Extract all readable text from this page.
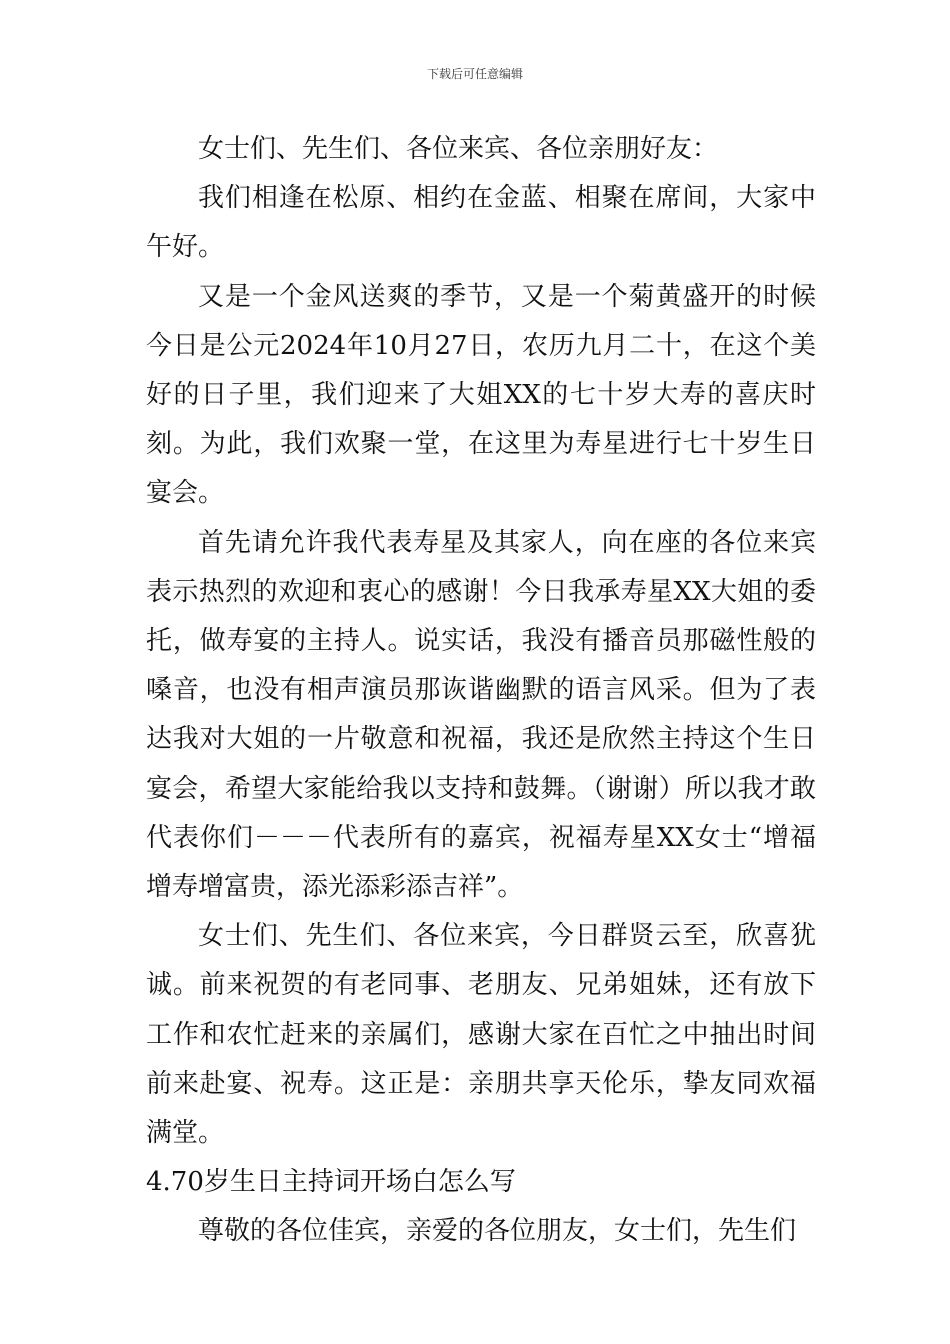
下载后可任意编辑

女士们、先生们、各位来宾、各位亲朋好友：

我们相逢在松原、相约在金蓝、相聚在席间，大家中午好。

又是一个金风送爽的季节，又是一个菊黄盛开的时候今日是公元2024年10月27日，农历九月二十，在这个美好的日子里，我们迎来了大姐XX的七十岁大寿的喜庆时刻。为此，我们欢聚一堂，在这里为寿星进行七十岁生日宴会。

首先请允许我代表寿星及其家人，向在座的各位来宾表示热烈的欢迎和衷心的感谢！今日我承寿星XX大姐的委托，做寿宴的主持人。说实话，我没有播音员那磁性般的嗓音，也没有相声演员那诙谐幽默的语言风采。但为了表达我对大姐的一片敬意和祝福，我还是欣然主持这个生日宴会，希望大家能给我以支持和鼓舞。（谢谢）所以我才敢代表你们－－－代表所有的嘉宾，祝福寿星XX女士“增福增寿增富贵，添光添彩添吉祥”。

女士们、先生们、各位来宾，今日群贤云至，欣喜犹诚。前来祝贺的有老同事、老朋友、兄弟姐妹，还有放下工作和农忙赶来的亲属们，感谢大家在百忙之中抽出时间前来赴宴、祝寿。这正是：亲朋共享天伦乐，挚友同欢福满堂。

4.70岁生日主持词开场白怎么写

尊敬的各位佳宾，亲爱的各位朋友，女士们，先生们
